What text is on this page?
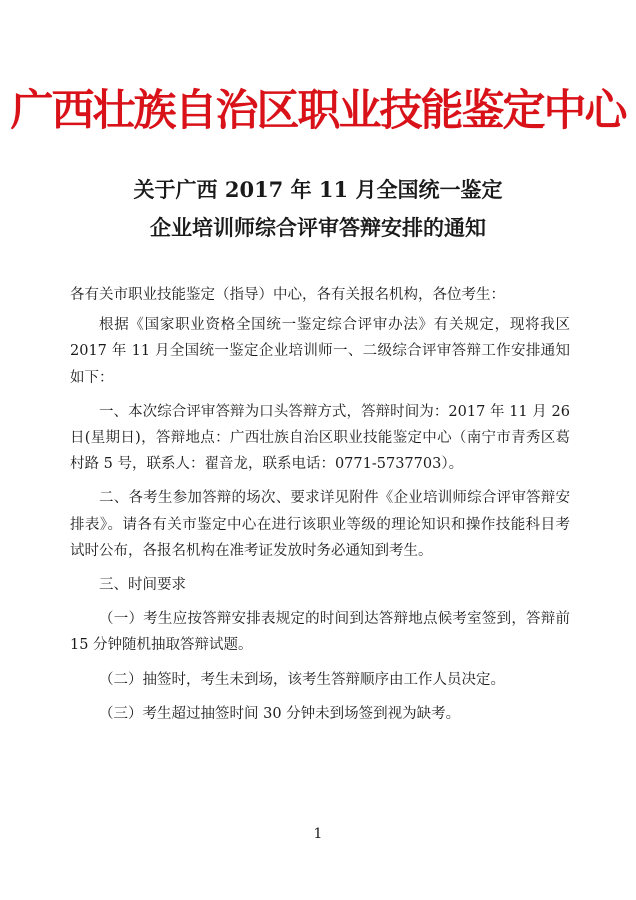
广西壮族自治区职业技能鉴定中心
关于广西 2017 年 11 月全国统一鉴定
企业培训师综合评审答辩安排的通知

各有关市职业技能鉴定（指导）中心，各有关报名机构，各位考生：

根据《国家职业资格全国统一鉴定综合评审办法》有关规定，现将我区 2017 年 11 月全国统一鉴定企业培训师一、二级综合评审答辩工作安排通知如下：

一、本次综合评审答辩为口头答辩方式，答辩时间为：2017 年 11 月 26 日(星期日)，答辩地点：广西壮族自治区职业技能鉴定中心（南宁市青秀区葛村路 5 号，联系人：翟音龙，联系电话：0771-5737703）。

二、各考生参加答辩的场次、要求详见附件《企业培训师综合评审答辩安排表》。请各有关市鉴定中心在进行该职业等级的理论知识和操作技能科目考试时公布，各报名机构在准考证发放时务必通知到考生。

三、时间要求

（一）考生应按答辩安排表规定的时间到达答辩地点候考室签到，答辩前 15 分钟随机抽取答辩试题。

（二）抽签时，考生未到场，该考生答辩顺序由工作人员决定。

（三）考生超过抽签时间 30 分钟未到场签到视为缺考。

1
